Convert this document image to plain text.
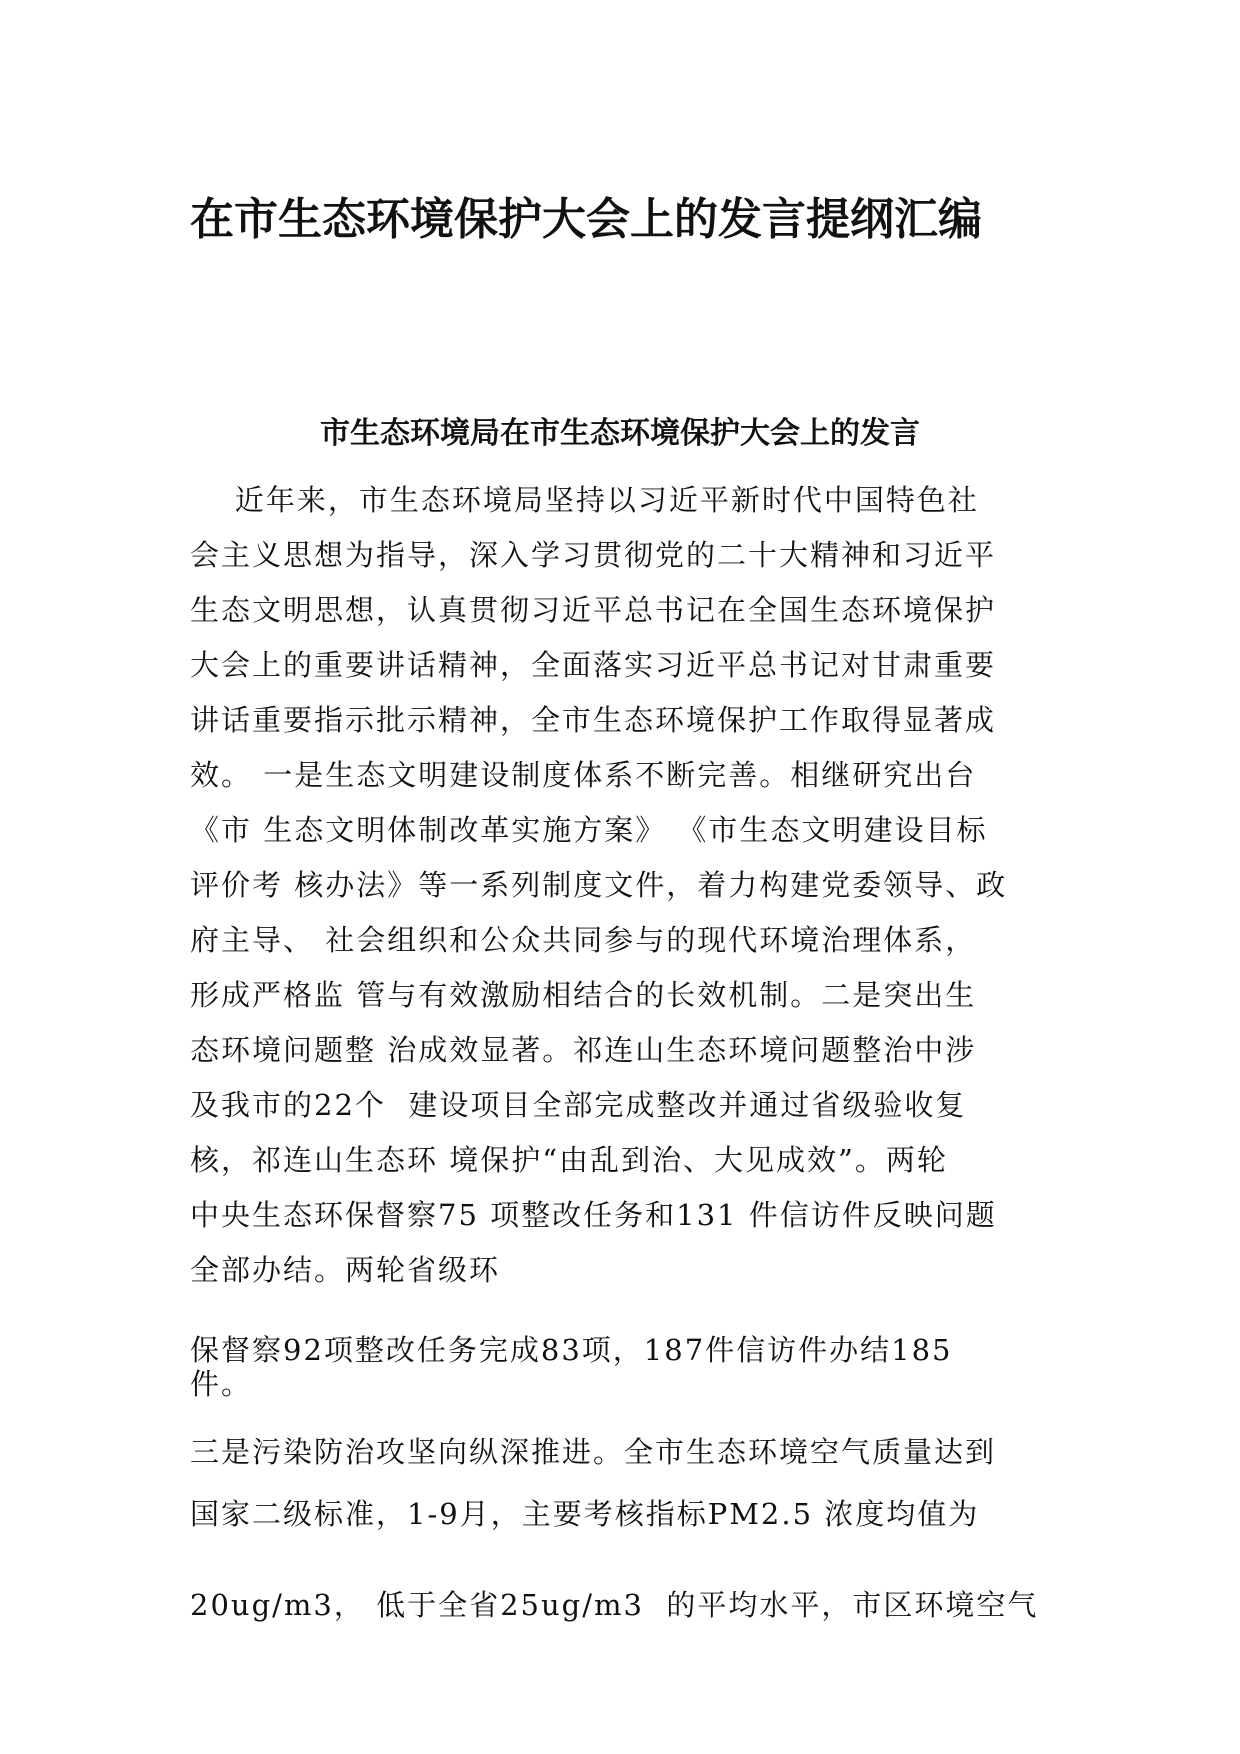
在市生态环境保护大会上的发言提纲汇编
市生态环境局在市生态环境保护大会上的发言

近年来，市生态环境局坚持以习近平新时代中国特色社

会主义思想为指导，深入学习贯彻党的二十大精神和习近平

生态文明思想，认真贯彻习近平总书记在全国生态环境保护

大会上的重要讲话精神，全面落实习近平总书记对甘肃重要

讲话重要指示批示精神，全市生态环境保护工作取得显著成

效。 一是生态文明建设制度体系不断完善。相继研究出台

《市 生态文明体制改革实施方案》 《市生态文明建设目标

评价考 核办法》等一系列制度文件，着力构建党委领导、政

府主导、 社会组织和公众共同参与的现代环境治理体系，

形成严格监 管与有效激励相结合的长效机制。二是突出生

态环境问题整 治成效显著。祁连山生态环境问题整治中涉

及我市的22个  建设项目全部完成整改并通过省级验收复

核，祁连山生态环 境保护“由乱到治、大见成效”。两轮

中央生态环保督察75 项整改任务和131 件信访件反映问题

全部办结。两轮省级环

保督察92项整改任务完成83项，187件信访件办结185

件。

三是污染防治攻坚向纵深推进。全市生态环境空气质量达到

国家二级标准，1-9月，主要考核指标PM2.5 浓度均值为

20ug/m3， 低于全省25ug/m3  的平均水平，市区环境空气
